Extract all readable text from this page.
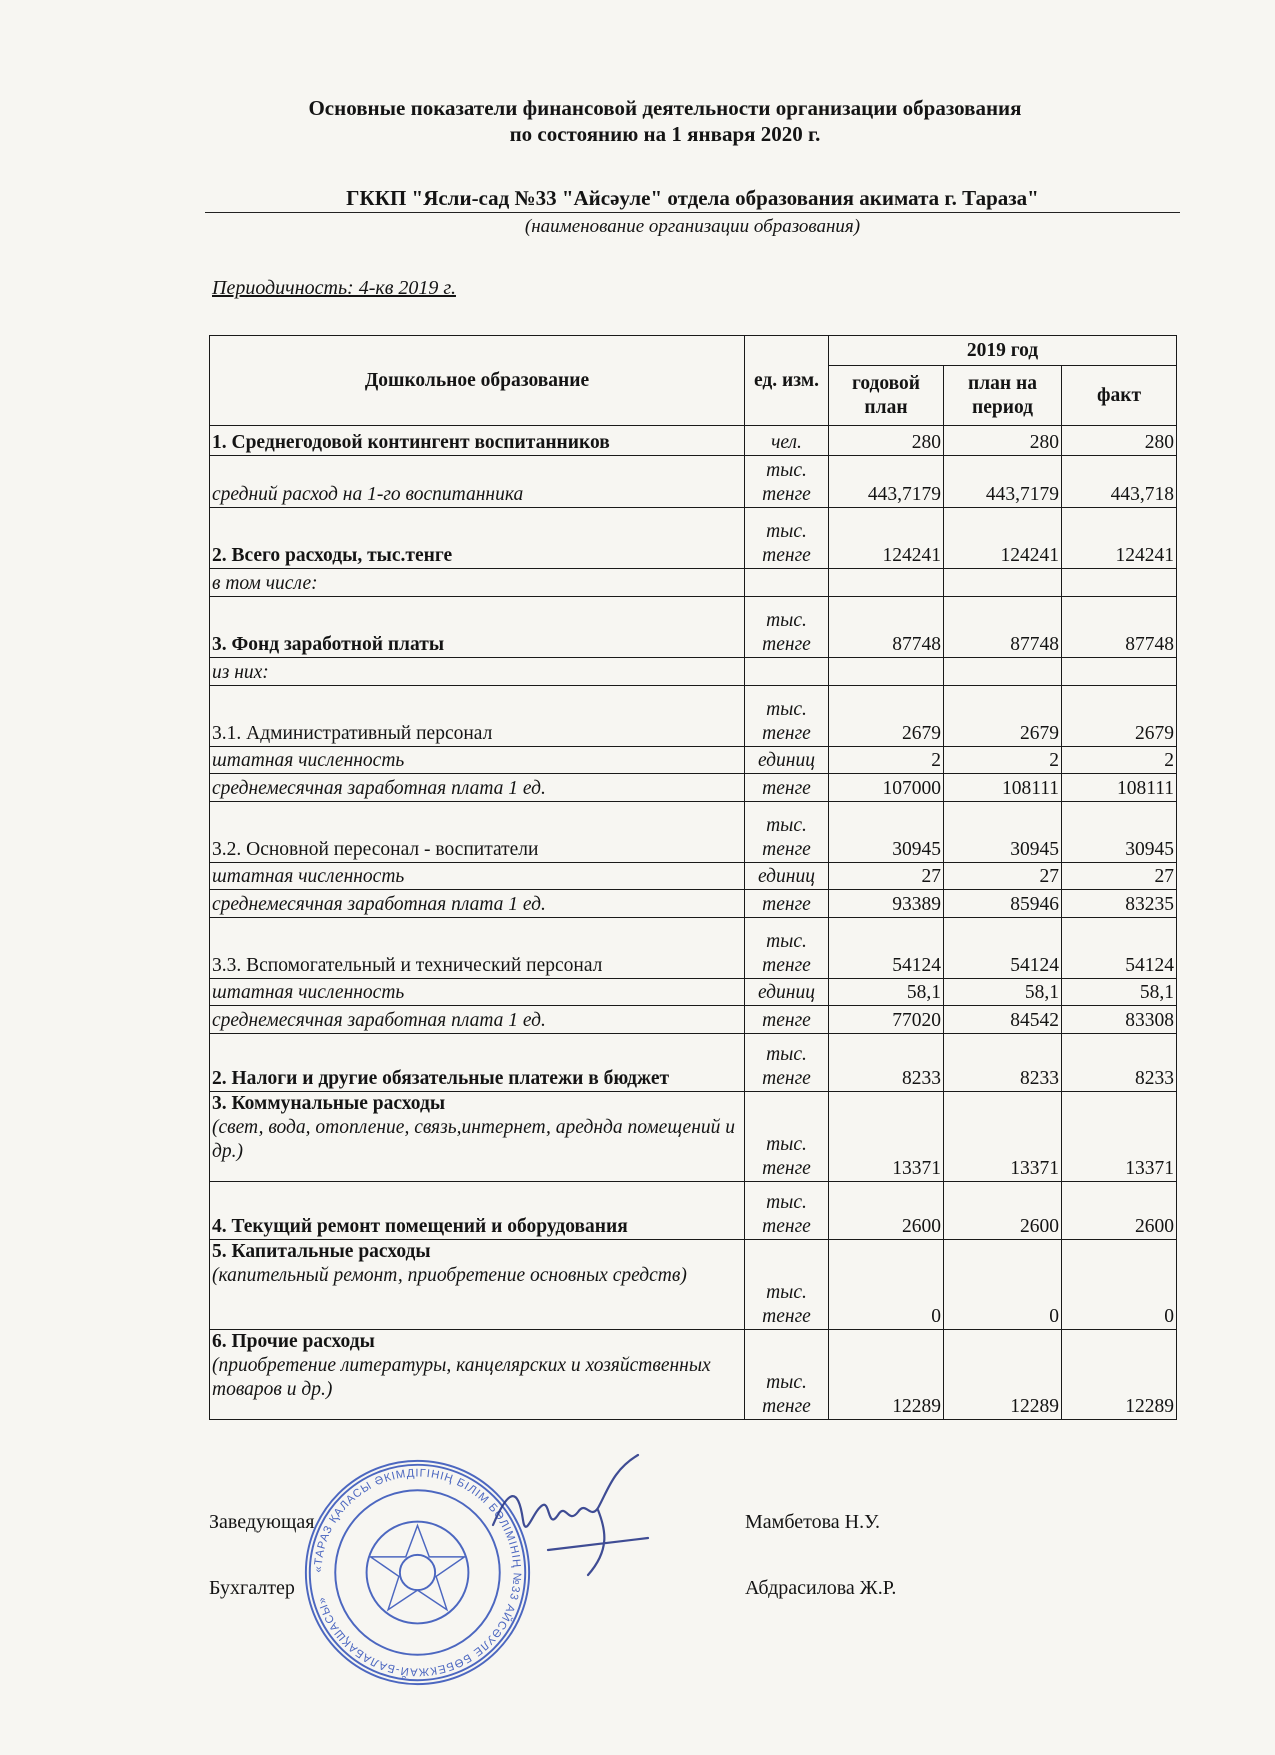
Основные показатели финансовой деятельности организации образования
по состоянию на 1 января 2020 г.
ГККП "Ясли-сад №33 "Айсәуле" отдела образования акимата г. Тараза"
(наименование организации образования)
Периодичность: 4-кв 2019 г.
Дошкольное образование	ед. изм.	2019 год		
		годовой план	план на период	факт
1. Среднегодовой контингент воспитанников	чел.	280	280	280
средний расход на 1-го воспитанника	тыс. тенге	443,7179	443,7179	443,718
2. Всего расходы, тыс.тенге	тыс. тенге	124241	124241	124241
в том числе:				
3. Фонд заработной платы	тыс. тенге	87748	87748	87748
из них:				
3.1. Административный персонал	тыс. тенге	2679	2679	2679
штатная численность	единиц	2	2	2
среднемесячная заработная плата 1 ед.	тенге	107000	108111	108111
3.2. Основной пересонал - воспитатели	тыс. тенге	30945	30945	30945
штатная численность	единиц	27	27	27
среднемесячная заработная плата 1 ед.	тенге	93389	85946	83235
3.3. Вспомогательный и технический персонал	тыс. тенге	54124	54124	54124
штатная численность	единиц	58,1	58,1	58,1
среднемесячная заработная плата 1 ед.	тенге	77020	84542	83308
2. Налоги и другие обязательные платежи в бюджет	тыс. тенге	8233	8233	8233

3. Коммунальные расходы
(свет, вода, отопление, связь,интернет, ареднда помещений и др.)	тыс. тенге	13371	13371	13371
4. Текущий ремонт помещений и оборудования	тыс. тенге	2600	2600	2600

5. Капитальные расходы
(капительный ремонт, приобретение основных средств)	тыс. тенге	0	0	0

6. Прочие расходы
(приобретение литературы, канцелярских и хозяйственных товаров и др.)	тыс. тенге	12289	12289	12289
«ТАРАЗ ҚАЛАСЫ ӘКІМДІГІНІҢ БІЛІМ БӨЛІМІНІҢ №33 АЙСӘУЛЕ БӨБЕКЖАЙ-БАЛАБАҚШАСЫ»
Заведующая	Мамбетова Н.У.
Бухгалтер	Абдрасилова Ж.Р.
